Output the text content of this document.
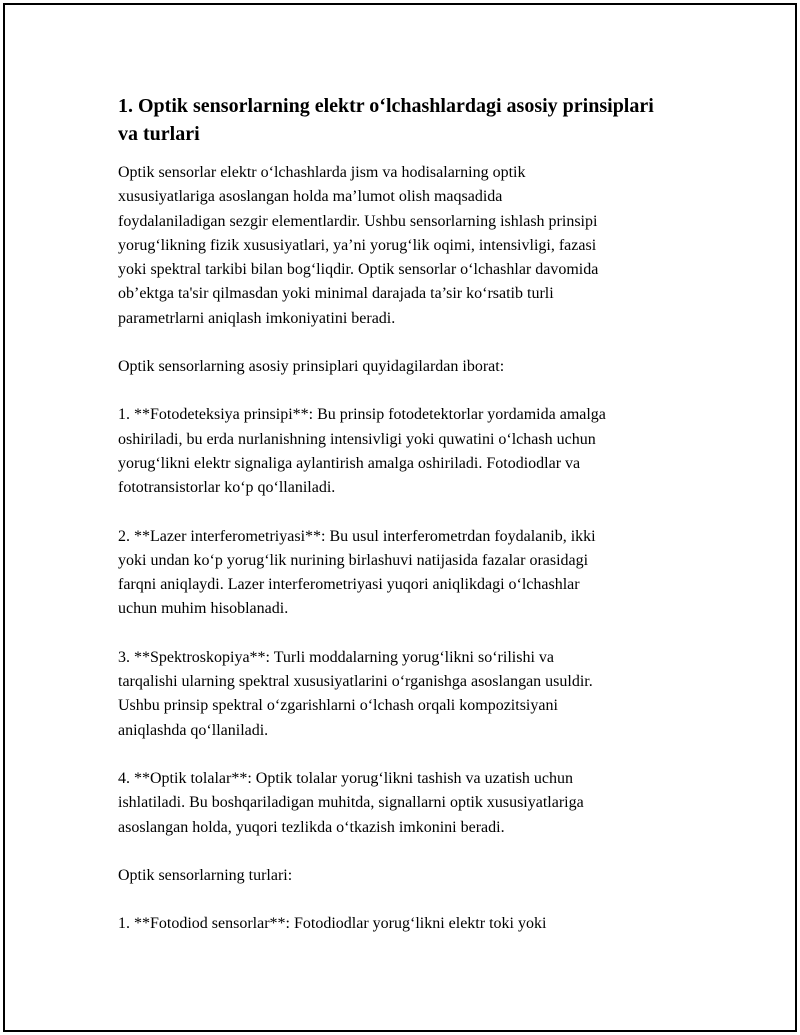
1. Optik sensorlarning elektr o‘lchashlardagi asosiy prinsiplari
va turlari
Optik sensorlar elektr o‘lchashlarda jism va hodisalarning optik
xususiyatlariga asoslangan holda ma’lumot olish maqsadida
foydalaniladigan sezgir elementlardir. Ushbu sensorlarning ishlash prinsipi
yorug‘likning fizik xususiyatlari, ya’ni yorug‘lik oqimi, intensivligi, fazasi
yoki spektral tarkibi bilan bog‘liqdir. Optik sensorlar o‘lchashlar davomida
ob’ektga ta'sir qilmasdan yoki minimal darajada ta’sir ko‘rsatib turli
parametrlarni aniqlash imkoniyatini beradi.
Optik sensorlarning asosiy prinsiplari quyidagilardan iborat:
1. **Fotodeteksiya prinsipi**: Bu prinsip fotodetektorlar yordamida amalga
oshiriladi, bu erda nurlanishning intensivligi yoki quwatini o‘lchash uchun
yorug‘likni elektr signaliga aylantirish amalga oshiriladi. Fotodiodlar va
fototransistorlar ko‘p qo‘llaniladi.
2. **Lazer interferometriyasi**: Bu usul interferometrdan foydalanib, ikki
yoki undan ko‘p yorug‘lik nurining birlashuvi natijasida fazalar orasidagi
farqni aniqlaydi. Lazer interferometriyasi yuqori aniqlikdagi o‘lchashlar
uchun muhim hisoblanadi.
3. **Spektroskopiya**: Turli moddalarning yorug‘likni so‘rilishi va
tarqalishi ularning spektral xususiyatlarini o‘rganishga asoslangan usuldir.
Ushbu prinsip spektral o‘zgarishlarni o‘lchash orqali kompozitsiyani
aniqlashda qo‘llaniladi.
4. **Optik tolalar**: Optik tolalar yorug‘likni tashish va uzatish uchun
ishlatiladi. Bu boshqariladigan muhitda, signallarni optik xususiyatlariga
asoslangan holda, yuqori tezlikda o‘tkazish imkonini beradi.
Optik sensorlarning turlari:
1. **Fotodiod sensorlar**: Fotodiodlar yorug‘likni elektr toki yoki
